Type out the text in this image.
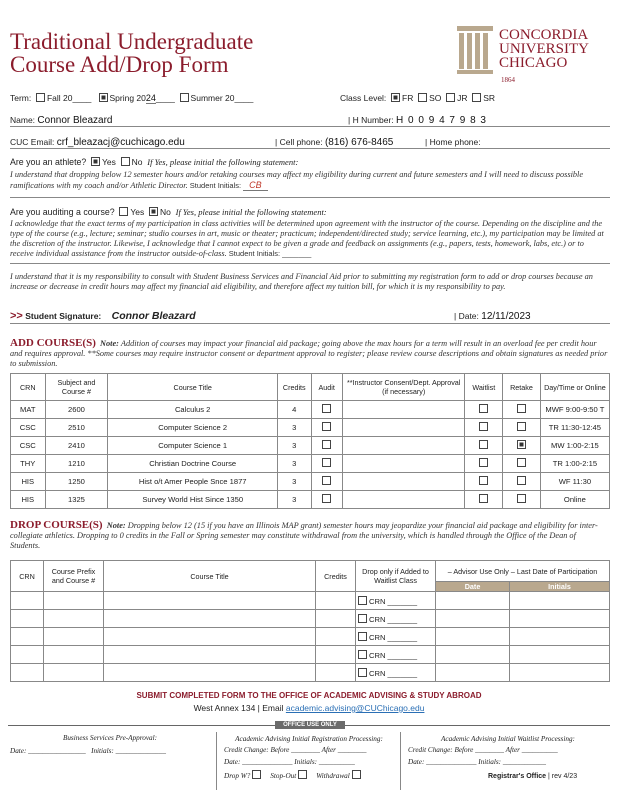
Traditional Undergraduate
Course Add/Drop Form
CONCORDIA
UNIVERSITY
CHICAGO
1864
Term: Fall 20____ Spring 2024____  Summer 20____	Class Level: FR SO JR SR
Name: Connor Bleazard	| H Number: H 0 0 9 4 7 9 8 3
CUC Email: crf_bleazacj@cuchicago.edu	| Cell phone: (816) 676-8465	| Home phone:
Are you an athlete? Yes No If Yes, please initial the following statement:
I understand that dropping below 12 semester hours and/or retaking courses may affect my eligibility during current and future semesters and I will need to discuss possible ramifications with my coach and/or Athletic Director. Student Initials: CB
Are you auditing a course? Yes No If Yes, please initial the following statement:
I acknowledge that the exact terms of my participation in class activities will be determined upon agreement with the instructor of the course. Depending on the discipline and the type of the course (e.g., lecture; seminar; studio courses in art, music or theater; practicum; independent/directed study; service learning, etc.), my participation may be limited at the discretion of the instructor. Likewise, I acknowledge that I cannot expect to be given a grade and feedback on assignments (e.g., papers, tests, homework, labs, etc.) or to receive individual assistance from the instructor outside-of-class. Student Initials: _______
I understand that it is my responsibility to consult with Student Business Services and Financial Aid prior to submitting my registration form to add or drop courses because an increase or decrease in credit hours may affect my financial aid eligibility, and therefore affect my tuition bill, for which it is my responsibility to pay.
>> Student Signature: Connor Bleazard	| Date: 12/11/2023
ADD COURSE(S) Note: Addition of courses may impact your financial aid package; going above the max hours for a term will result in an overload fee per credit hour and requires approval. **Some courses may require instructor consent or department approval to register; please review course descriptions and obtain signatures as needed prior to submission.
CRN	Subject and Course #	Course Title	Credits	Audit	**Instructor Consent/Dept. Approval (if necessary)	Waitlist	Retake	Day/Time or Online
MAT	2600	Calculus 2	4					MWF 9:00-9:50 T
CSC	2510	Computer Science 2	3					TR 11:30-12:45
CSC	2410	Computer Science 1	3					MW 1:00-2:15
THY	1210	Christian Doctrine Course	3					TR 1:00-2:15
HIS	1250	Hist o/t Amer People Snce 1877	3					WF 11:30
HIS	1325	Survey World Hist Since 1350	3					Online
DROP COURSE(S) Note: Dropping below 12 (15 if you have an Illinois MAP grant) semester hours may jeopardize your financial aid package and eligibility for inter-collegiate athletics. Dropping to 0 credits in the Fall or Spring semester may constitute withdrawal from the university, which is handled through the Office of the Dean of Students.
CRN	Course Prefix and Course #	Course Title	Credits	Drop only if Added to Waitlist Class	– Advisor Use Only – Last Date of Participation	
					Date	Initials
				CRN _______		
				CRN _______		
				CRN _______		
				CRN _______		
				CRN _______		
SUBMIT COMPLETED FORM TO THE OFFICE OF ACADEMIC ADVISING & STUDY ABROAD
West Annex 134 | Email academic.advising@CUChicago.edu
OFFICE USE ONLY
Business Services Pre-Approval:
Date: ________________   Initials: ______________
Academic Advising Initial Registration Processing:
Credit Change: Before ________ After ________
Date: ______________ Initials: __________
Drop W?	Stop-Out	Withdrawal
Academic Advising Initial Waitlist Processing:
Credit Change: Before ________ After __________
Date: ______________ Initials: ____________
Registrar's Office | rev 4/23
